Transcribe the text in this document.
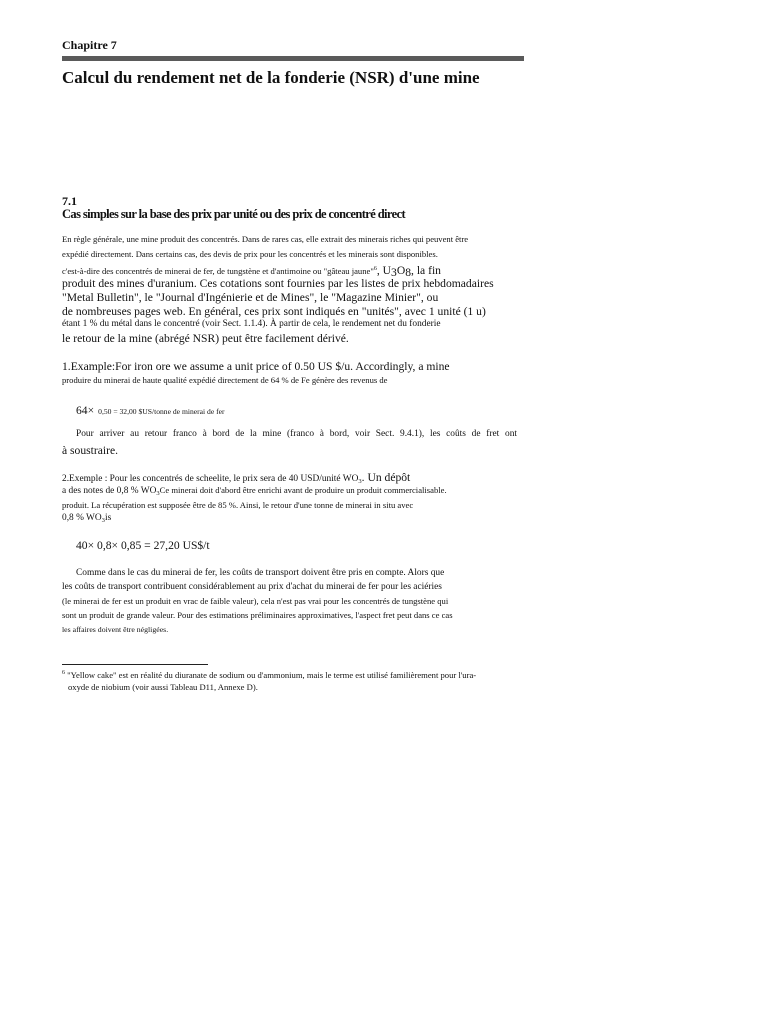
Chapitre 7
Calcul du rendement net de la fonderie (NSR) d'une mine
7.1
Cas simples sur la base des prix par unité ou des prix de concentré direct
En règle générale, une mine produit des concentrés. Dans de rares cas, elle extrait des minerais riches qui peuvent être
expédié directement. Dans certains cas, des devis de prix pour les concentrés et les minerais sont disponibles.
c'est-à-dire des concentrés de minerai de fer, de tungstène et d'antimoine ou "gâteau jaune"$^6$, $U_3O_8$, la fin
produit des mines d'uranium. Ces cotations sont fournies par les listes de prix hebdomadaires
"Metal Bulletin", le "Journal d'Ingénierie et de Mines", le "Magazine Minier", ou
de nombreuses pages web. En général, ces prix sont indiqués en "unités", avec 1 unité (1 u)
étant 1 % du métal dans le concentré (voir Sect. 1.1.4). À partir de cela, le rendement net du fonderie
le retour de la mine (abrégé NSR) peut être facilement dérivé.
1.Example:For iron ore we assume a unit price of 0.50 US $/u. Accordingly, a mine
produire du minerai de haute qualité expédié directement de 64 % de Fe génère des revenus de
64× 0,50 = 32,00 $US/tonne de minerai de fer
Pour arriver au retour franco à bord de la mine (franco à bord, voir Sect. 9.4.1), les coûts de fret ont
à soustraire.
2.Exemple : Pour les concentrés de scheelite, le prix sera de 40 USD/unité $WO_3$. Un dépôt
a des notes de 0,8 % $WO_3Ce$ minerai doit d'abord être enrichi avant de produire un produit commercialisable.
produit. La récupération est supposée être de 85 %. Ainsi, le retour d'une tonne de minerai in situ avec
0,8 % $WO_3is$
40× 0,8× 0,85 = 27,20 US$/t
Comme dans le cas du minerai de fer, les coûts de transport doivent être pris en compte. Alors que
les coûts de transport contribuent considérablement au prix d'achat du minerai de fer pour les aciéries
(le minerai de fer est un produit en vrac de faible valeur), cela n'est pas vrai pour les concentrés de tungstène qui
sont un produit de grande valeur. Pour des estimations préliminaires approximatives, l'aspect fret peut dans ce cas
les affaires doivent être négligées.
$^6$ "Yellow cake" est en réalité du diuranate de sodium ou d'ammonium, mais le terme est utilisé familièrement pour l'ura-
oxyde de niobium (voir aussi Tableau D11, Annexe D).
